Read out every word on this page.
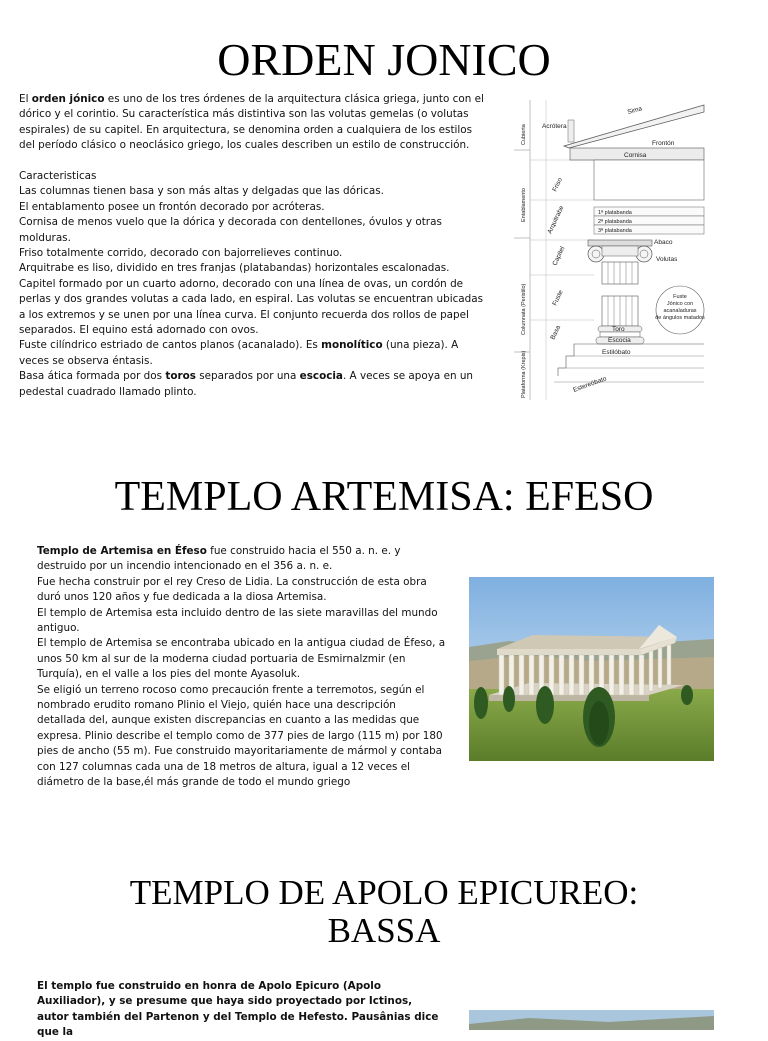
ORDEN JONICO

El orden jónico es uno de los tres órdenes de la arquitectura clásica griega, junto con el dórico y el corintio. Su característica más distintiva son las volutas gemelas (o volutas espirales) de su capitel. En arquitectura, se denomina orden a cualquiera de los estilos del período clásico o neoclásico griego, los cuales describen un estilo de construcción.

Caracteristicas

Las columnas tienen basa y son más altas y delgadas que las dóricas.

El entablamento posee un frontón decorado por acróteras.

Cornisa de menos vuelo que la dórica y decorada con dentellones, óvulos y otras molduras.

Friso totalmente corrido, decorado con bajorrelieves continuo.

Arquitrabe es liso, dividido en tres franjas (platabandas) horizontales escalonadas.

Capitel formado por un cuarto adorno, decorado con una línea de ovas, un cordón de perlas y dos grandes volutas a cada lado, en espiral. Las volutas se encuentran ubicadas a los extremos y se unen por una línea curva. El conjunto recuerda dos rollos de papel separados. El equino está adornado con ovos.

Fuste cilíndrico estriado de cantos planos (acanalado). Es monolítico (una pieza). A veces se observa éntasis.

Basa ática formada por dos toros separados por una escocia. A veces se apoya en un pedestal cuadrado llamado plinto.

Cubierta
Entablamento
Columnata (Peristilo)
Plataforma (Krepis)
Acrótera
Sima
Frontón
Cornisa
Friso
Arquitrabe	1ª platabanda
2ª platabanda
3ª platabanda
Capitel
Abaco
Volutas
Fuste	Fuste Jónico con acanaladuras de ángulos matados
Basa	Toro
Escocia
Estilóbato
Estereóbato
TEMPLO ARTEMISA: EFESO

Templo de Artemisa en Éfeso fue construido hacia el 550 a. n. e. y destruido por un incendio intencionado en el 356 a. n. e.

Fue hecha construir por el rey Creso de Lidia. La construcción de esta obra duró unos 120 años y fue dedicada a la diosa Artemisa.

El templo de Artemisa esta incluido dentro de las siete maravillas del mundo antiguo.

El templo de Artemisa se encontraba ubicado en la antigua ciudad de Éfeso, a unos 50 km al sur de la moderna ciudad portuaria de Esmirnalzmir (en Turquía), en el valle a los pies del monte Ayasoluk.

Se eligió un terreno rocoso como precaución frente a terremotos, según el nombrado erudito romano Plinio el Viejo, quién hace una descripción detallada del, aunque existen discrepancias en cuanto a las medidas que expresa. Plinio describe el templo como de 377 pies de largo (115 m) por 180 pies de ancho (55 m). Fue construido mayoritariamente de mármol y contaba con 127 columnas cada una de 18 metros de altura, igual a 12 veces el diámetro de la base,él más grande de todo el mundo griego

TEMPLO DE APOLO EPICUREO:
BASSA

El templo fue construido en honra de Apolo Epicuro (Apolo Auxiliador), y se presume que haya sido proyectado por Ictinos, autor también del Partenon y del Templo de Hefesto. Pausânias dice que la
